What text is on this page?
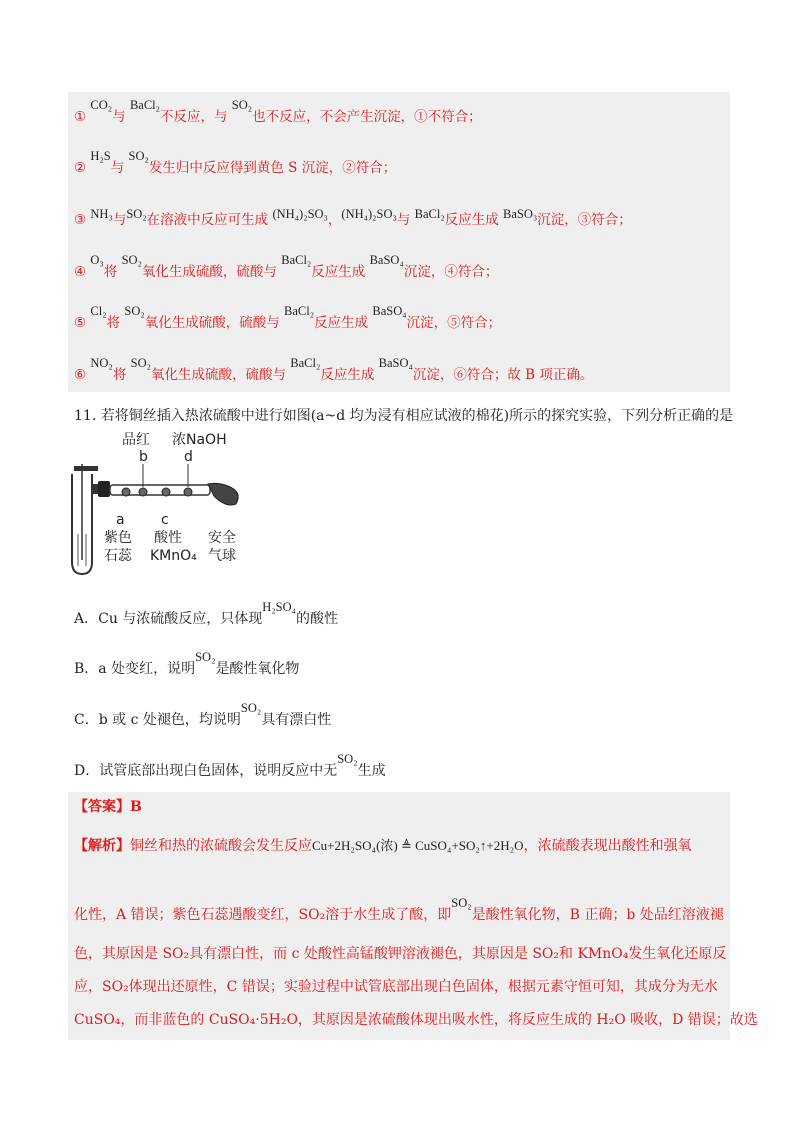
① CO₂与 BaCl₂不反应，与 SO₂也不反应，不会产生沉淀，①不符合；
② H₂S与 SO₂发生归中反应得到黄色 S 沉淀，②符合；
③ NH₃与SO₂在溶液中反应可生成 (NH₄)₂SO₃，(NH₄)₂SO₃与 BaCl₂反应生成 BaSO₃沉淀，③符合；
④ O₃将 SO₂氧化生成硫酸，硫酸与 BaCl₂反应生成 BaSO₄沉淀，④符合；
⑤ Cl₂将 SO₂氧化生成硫酸，硫酸与 BaCl₂反应生成 BaSO₄沉淀，⑤符合；
⑥ NO₂将 SO₂氧化生成硫酸，硫酸与 BaCl₂反应生成 BaSO₄沉淀，⑥符合；故 B 项正确。
11. 若将铜丝插入热浓硫酸中进行如图(a~d 均为浸有相应试液的棉花)所示的探究实验，下列分析正确的是
品红 浓NaOH
b	d
a	c
紫色
石蕊
酸性
KMnO₄
安全
气球
A．Cu 与浓硫酸反应，只体现H₂SO₄的酸性
B．a 处变红，说明SO₂是酸性氧化物
C．b 或 c 处褪色，均说明SO₂具有漂白性
D．试管底部出现白色固体，说明反应中无SO₂生成
【答案】B
【解析】铜丝和热的浓硫酸会发生反应Cu+2H₂SO₄(浓) ≜ CuSO₄+SO₂↑+2H₂O，浓硫酸表现出酸性和强氧
化性，A 错误；紫色石蕊遇酸变红，SO₂溶于水生成了酸，即SO₂是酸性氧化物，B 正确；b 处品红溶液褪
色，其原因是 SO₂具有漂白性，而 c 处酸性高锰酸钾溶液褪色，其原因是 SO₂和 KMnO₄发生氧化还原反
应，SO₂体现出还原性，C 错误；实验过程中试管底部出现白色固体，根据元素守恒可知，其成分为无水
CuSO₄，而非蓝色的 CuSO₄·5H₂O，其原因是浓硫酸体现出吸水性，将反应生成的 H₂O 吸收，D 错误；故选
